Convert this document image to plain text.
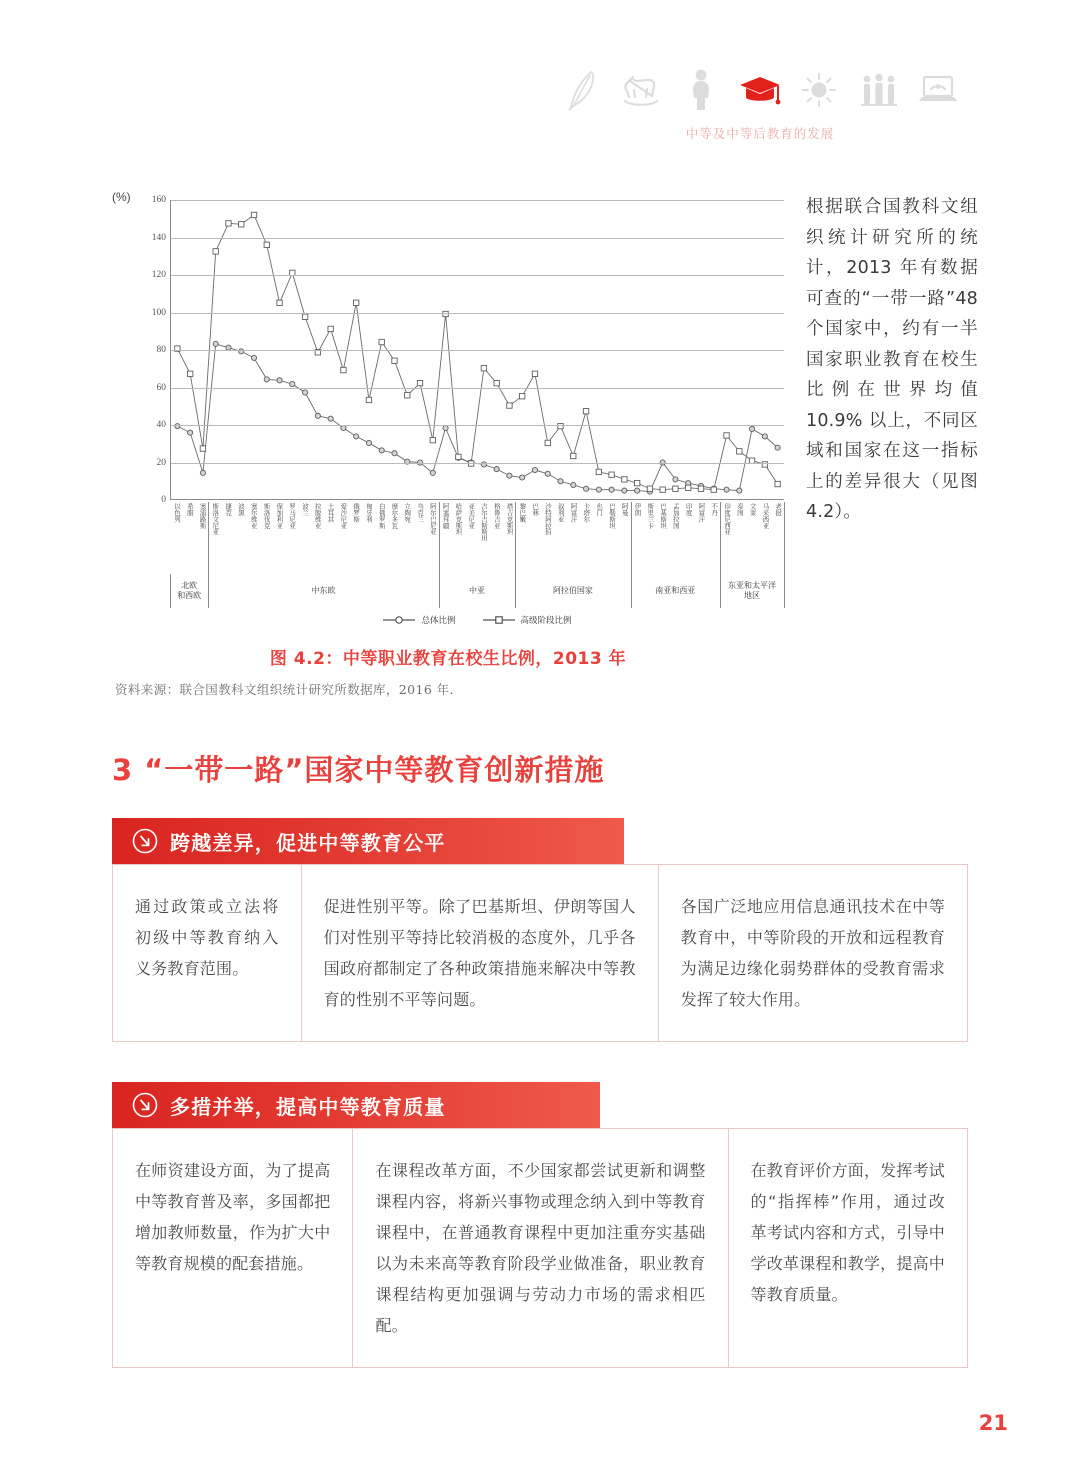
中等及中等后教育的发展
(%)
0
20
40
60
80
100
120
140
160
以色列 希腊 塞浦路斯 斯洛文尼亚 捷克 波黑 塞尔维亚 斯洛伐克 保加利亚 罗马尼亚 波兰 拉脱维亚 土耳其 爱沙尼亚 俄罗斯 匈牙利 白俄罗斯 摩尔多瓦 立陶宛 乌克兰 阿尔巴尼亚 阿塞拜疆 哈萨克斯坦 亚美尼亚 吉尔吉斯斯坦 格鲁吉亚 塔吉克斯坦 黎巴嫩 巴林 沙特阿拉伯 叙利亚 阿富汗 卡塔尔 也门 巴勒斯坦 阿曼 伊朗 斯里兰卡 巴基斯坦 孟加拉国 印度 阿富汗 不丹 印度尼西亚 泰国 文莱 马来西亚 老挝
北欧
和西欧
中东欧	中亚	阿拉伯国家	南亚和西亚
东亚和太平洋
地区
总体比例	高级阶段比例
图 4.2：中等职业教育在校生比例，2013 年
资料来源：联合国教科文组织统计研究所数据库，2016 年．
根据联合国教科文组织统计研究所的统计，2013 年有数据可查的“一带一路”48 个国家中，约有一半国家职业教育在校生比例在世界均值 10.9% 以上，不同区域和国家在这一指标上的差异很大（见图 4.2）。
3 “一带一路”国家中等教育创新措施
跨越差异，促进中等教育公平
通过政策或立法将初级中等教育纳入义务教育范围。
促进性别平等。除了巴基斯坦、伊朗等国人们对性别平等持比较消极的态度外，几乎各国政府都制定了各种政策措施来解决中等教育的性别不平等问题。
各国广泛地应用信息通讯技术在中等教育中，中等阶段的开放和远程教育为满足边缘化弱势群体的受教育需求发挥了较大作用。
多措并举，提高中等教育质量
在师资建设方面，为了提高中等教育普及率，多国都把增加教师数量，作为扩大中等教育规模的配套措施。
在课程改革方面，不少国家都尝试更新和调整课程内容，将新兴事物或理念纳入到中等教育课程中，在普通教育课程中更加注重夯实基础以为未来高等教育阶段学业做准备，职业教育课程结构更加强调与劳动力市场的需求相匹配。
在教育评价方面，发挥考试的“指挥棒”作用，通过改革考试内容和方式，引导中学改革课程和教学，提高中等教育质量。
21
